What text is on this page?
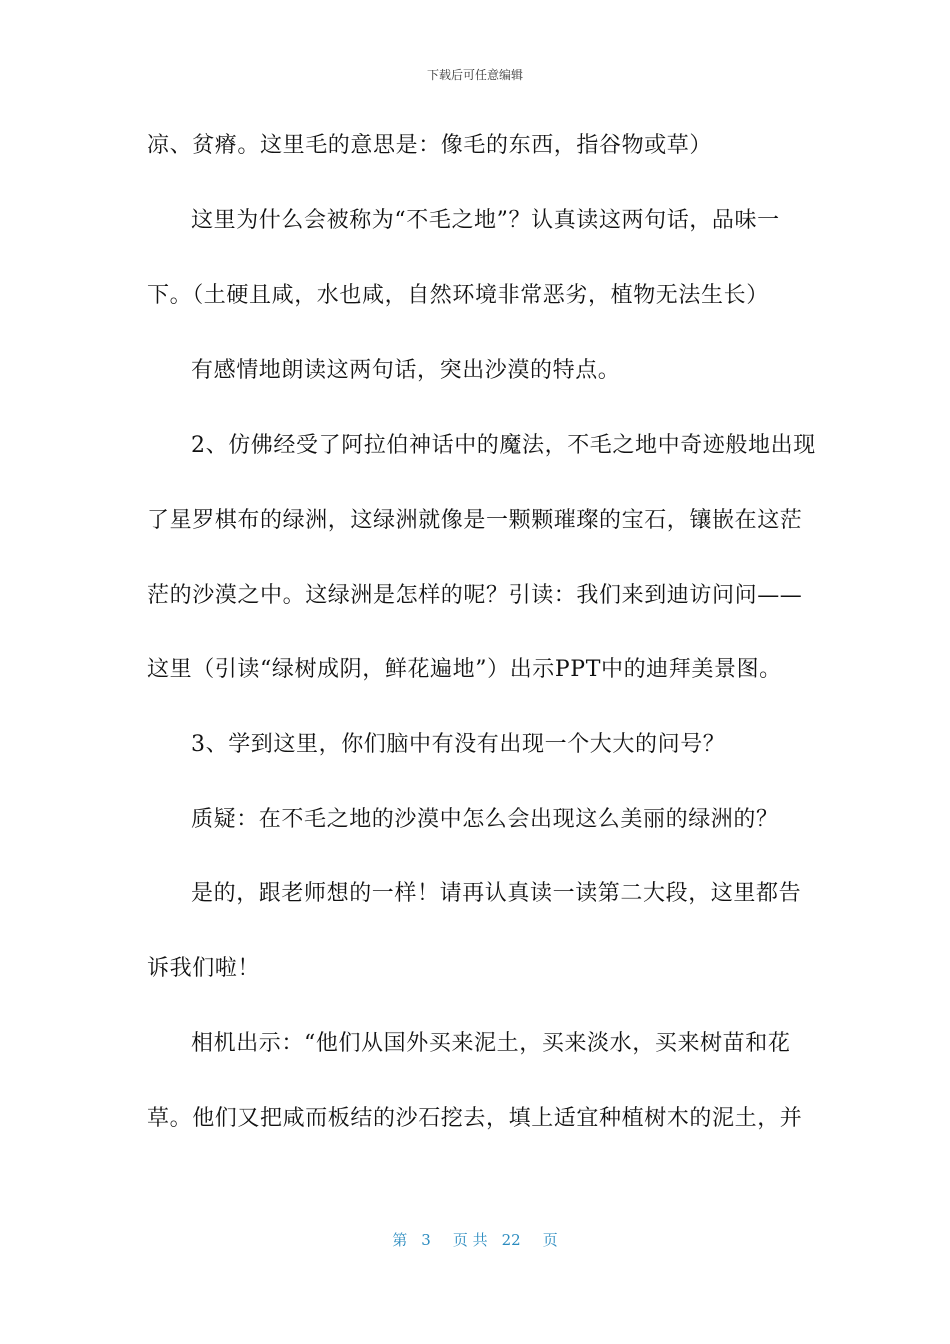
下载后可任意编辑
凉、贫瘠。这里毛的意思是：像毛的东西，指谷物或草）
这里为什么会被称为“不毛之地”？认真读这两句话，品味一
下。（土硬且咸，水也咸，自然环境非常恶劣，植物无法生长）
有感情地朗读这两句话，突出沙漠的特点。
2、仿佛经受了阿拉伯神话中的魔法，不毛之地中奇迹般地出现
了星罗棋布的绿洲，这绿洲就像是一颗颗璀璨的宝石，镶嵌在这茫
茫的沙漠之中。这绿洲是怎样的呢？引读：我们来到迪访问问——
这里（引读“绿树成阴，鲜花遍地”）出示PPT中的迪拜美景图。
3、学到这里，你们脑中有没有出现一个大大的问号？
质疑：在不毛之地的沙漠中怎么会出现这么美丽的绿洲的？
是的，跟老师想的一样！请再认真读一读第二大段，这里都告
诉我们啦！
相机出示：“他们从国外买来泥土，买来淡水，买来树苗和花
草。他们又把咸而板结的沙石挖去，填上适宜种植树木的泥土，并
第 3 页 共 22 页
